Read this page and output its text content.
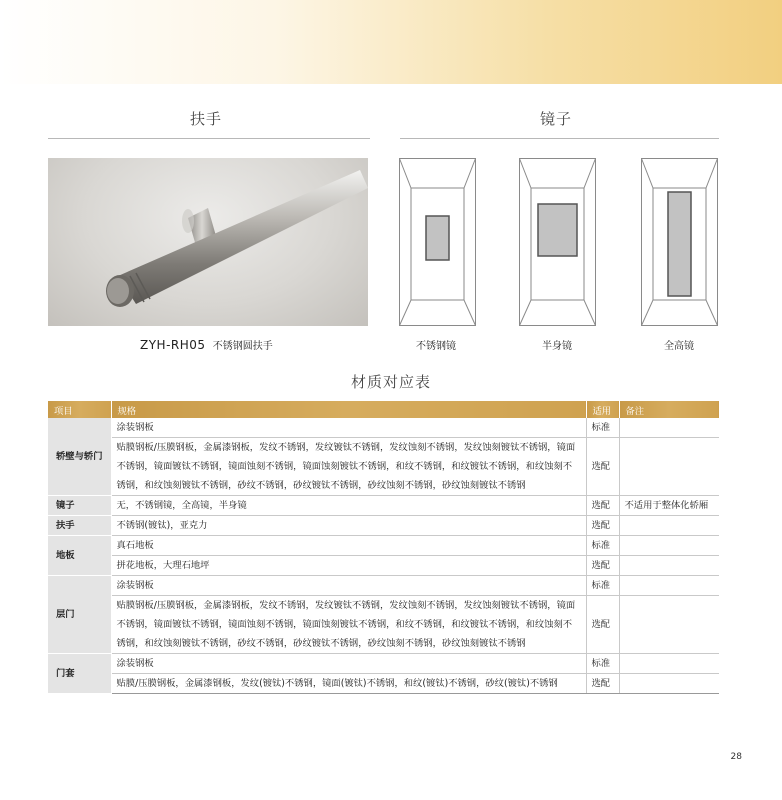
扶手
ZYH-RH05 不锈钢圆扶手
镜子
不锈钢镜	半身镜	全高镜
材质对应表
项目	规格	适用	备注
轿壁与轿门	涂装钢板	标准	
	贴膜钢板/压膜钢板，金属漆钢板，发纹不锈钢，发纹镀钛不锈钢，发纹蚀刻不锈钢，发纹蚀刻镀钛不锈钢，镜面不锈钢，镜面镀钛不锈钢，镜面蚀刻不锈钢，镜面蚀刻镀钛不锈钢，和纹不锈钢，和纹镀钛不锈钢，和纹蚀刻不锈钢，和纹蚀刻镀钛不锈钢，砂纹不锈钢，砂纹镀钛不锈钢，砂纹蚀刻不锈钢，砂纹蚀刻镀钛不锈钢	选配	
镜子	无，不锈钢镜，全高镜，半身镜	选配	不适用于整体化轿厢
扶手	不锈钢(镀钛)，亚克力	选配	
地板	真石地板	标准	
	拼花地板，大理石地坪	选配	
层门	涂装钢板	标准	
	贴膜钢板/压膜钢板，金属漆钢板，发纹不锈钢，发纹镀钛不锈钢，发纹蚀刻不锈钢，发纹蚀刻镀钛不锈钢，镜面不锈钢，镜面镀钛不锈钢，镜面蚀刻不锈钢，镜面蚀刻镀钛不锈钢，和纹不锈钢，和纹镀钛不锈钢，和纹蚀刻不锈钢，和纹蚀刻镀钛不锈钢，砂纹不锈钢，砂纹镀钛不锈钢，砂纹蚀刻不锈钢，砂纹蚀刻镀钛不锈钢	选配	
门套	涂装钢板	标准	
	贴膜/压膜钢板，金属漆钢板，发纹(镀钛)不锈钢，镜面(镀钛)不锈钢，和纹(镀钛)不锈钢，砂纹(镀钛)不锈钢	选配	
28
